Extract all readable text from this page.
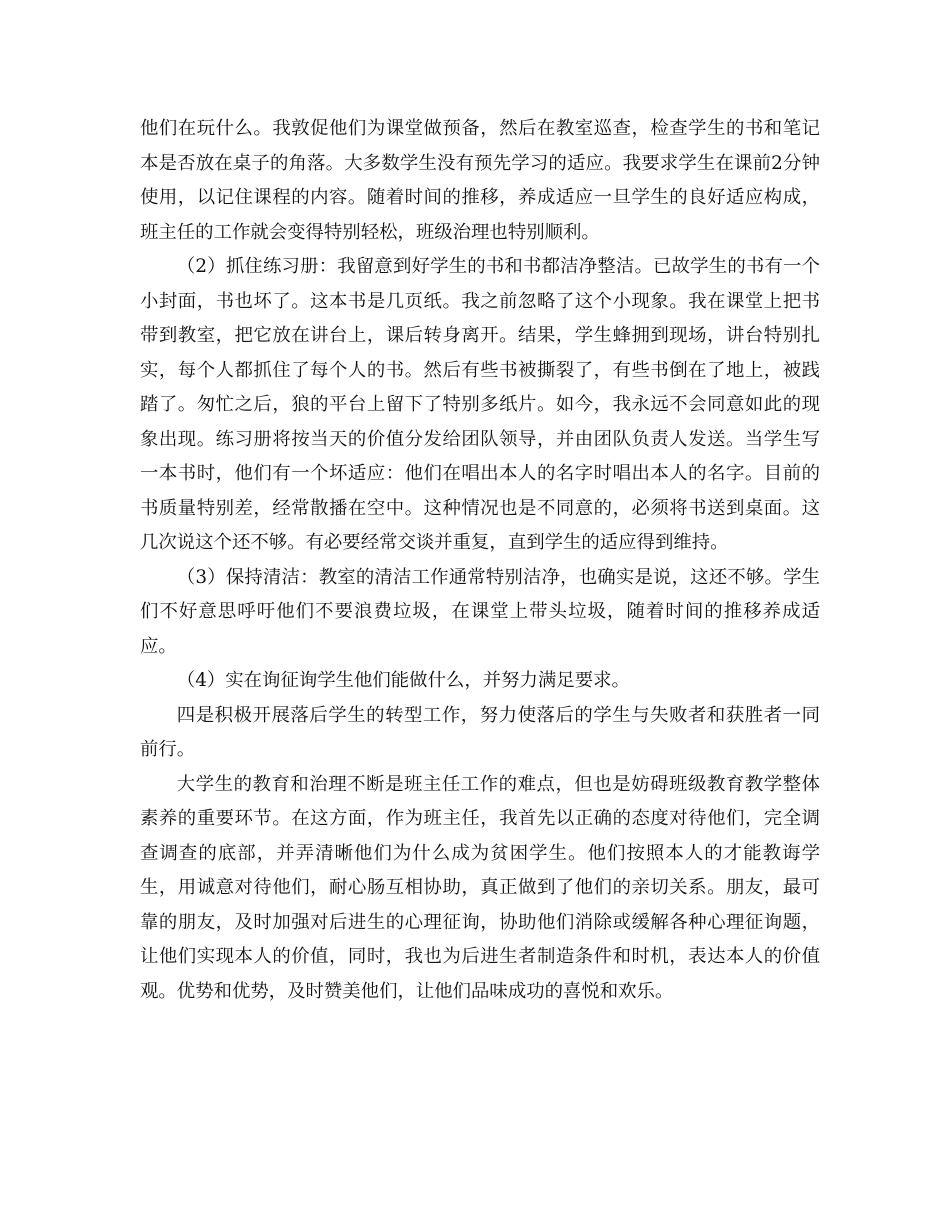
他们在玩什么。我敦促他们为课堂做预备，然后在教室巡查，检查学生的书和笔记本是否放在桌子的角落。大多数学生没有预先学习的适应。我要求学生在课前2分钟使用，以记住课程的内容。随着时间的推移，养成适应一旦学生的良好适应构成，班主任的工作就会变得特别轻松，班级治理也特别顺利。

（2）抓住练习册：我留意到好学生的书和书都洁净整洁。已故学生的书有一个小封面，书也坏了。这本书是几页纸。我之前忽略了这个小现象。我在课堂上把书带到教室，把它放在讲台上，课后转身离开。结果，学生蜂拥到现场，讲台特别扎实，每个人都抓住了每个人的书。然后有些书被撕裂了，有些书倒在了地上，被践踏了。匆忙之后，狼的平台上留下了特别多纸片。如今，我永远不会同意如此的现象出现。练习册将按当天的价值分发给团队领导，并由团队负责人发送。当学生写一本书时，他们有一个坏适应：他们在唱出本人的名字时唱出本人的名字。目前的书质量特别差，经常散播在空中。这种情况也是不同意的，必须将书送到桌面。这几次说这个还不够。有必要经常交谈并重复，直到学生的适应得到维持。

（3）保持清洁：教室的清洁工作通常特别洁净，也确实是说，这还不够。学生们不好意思呼吁他们不要浪费垃圾，在课堂上带头垃圾，随着时间的推移养成适应。

（4）实在询征询学生他们能做什么，并努力满足要求。

四是积极开展落后学生的转型工作，努力使落后的学生与失败者和获胜者一同前行。

大学生的教育和治理不断是班主任工作的难点，但也是妨碍班级教育教学整体素养的重要环节。在这方面，作为班主任，我首先以正确的态度对待他们，完全调查调查的底部，并弄清晰他们为什么成为贫困学生。他们按照本人的才能教诲学生，用诚意对待他们，耐心肠互相协助，真正做到了他们的亲切关系。朋友，最可靠的朋友，及时加强对后进生的心理征询，协助他们消除或缓解各种心理征询题，让他们实现本人的价值，同时，我也为后进生者制造条件和时机，表达本人的价值观。优势和优势，及时赞美他们，让他们品味成功的喜悦和欢乐。
